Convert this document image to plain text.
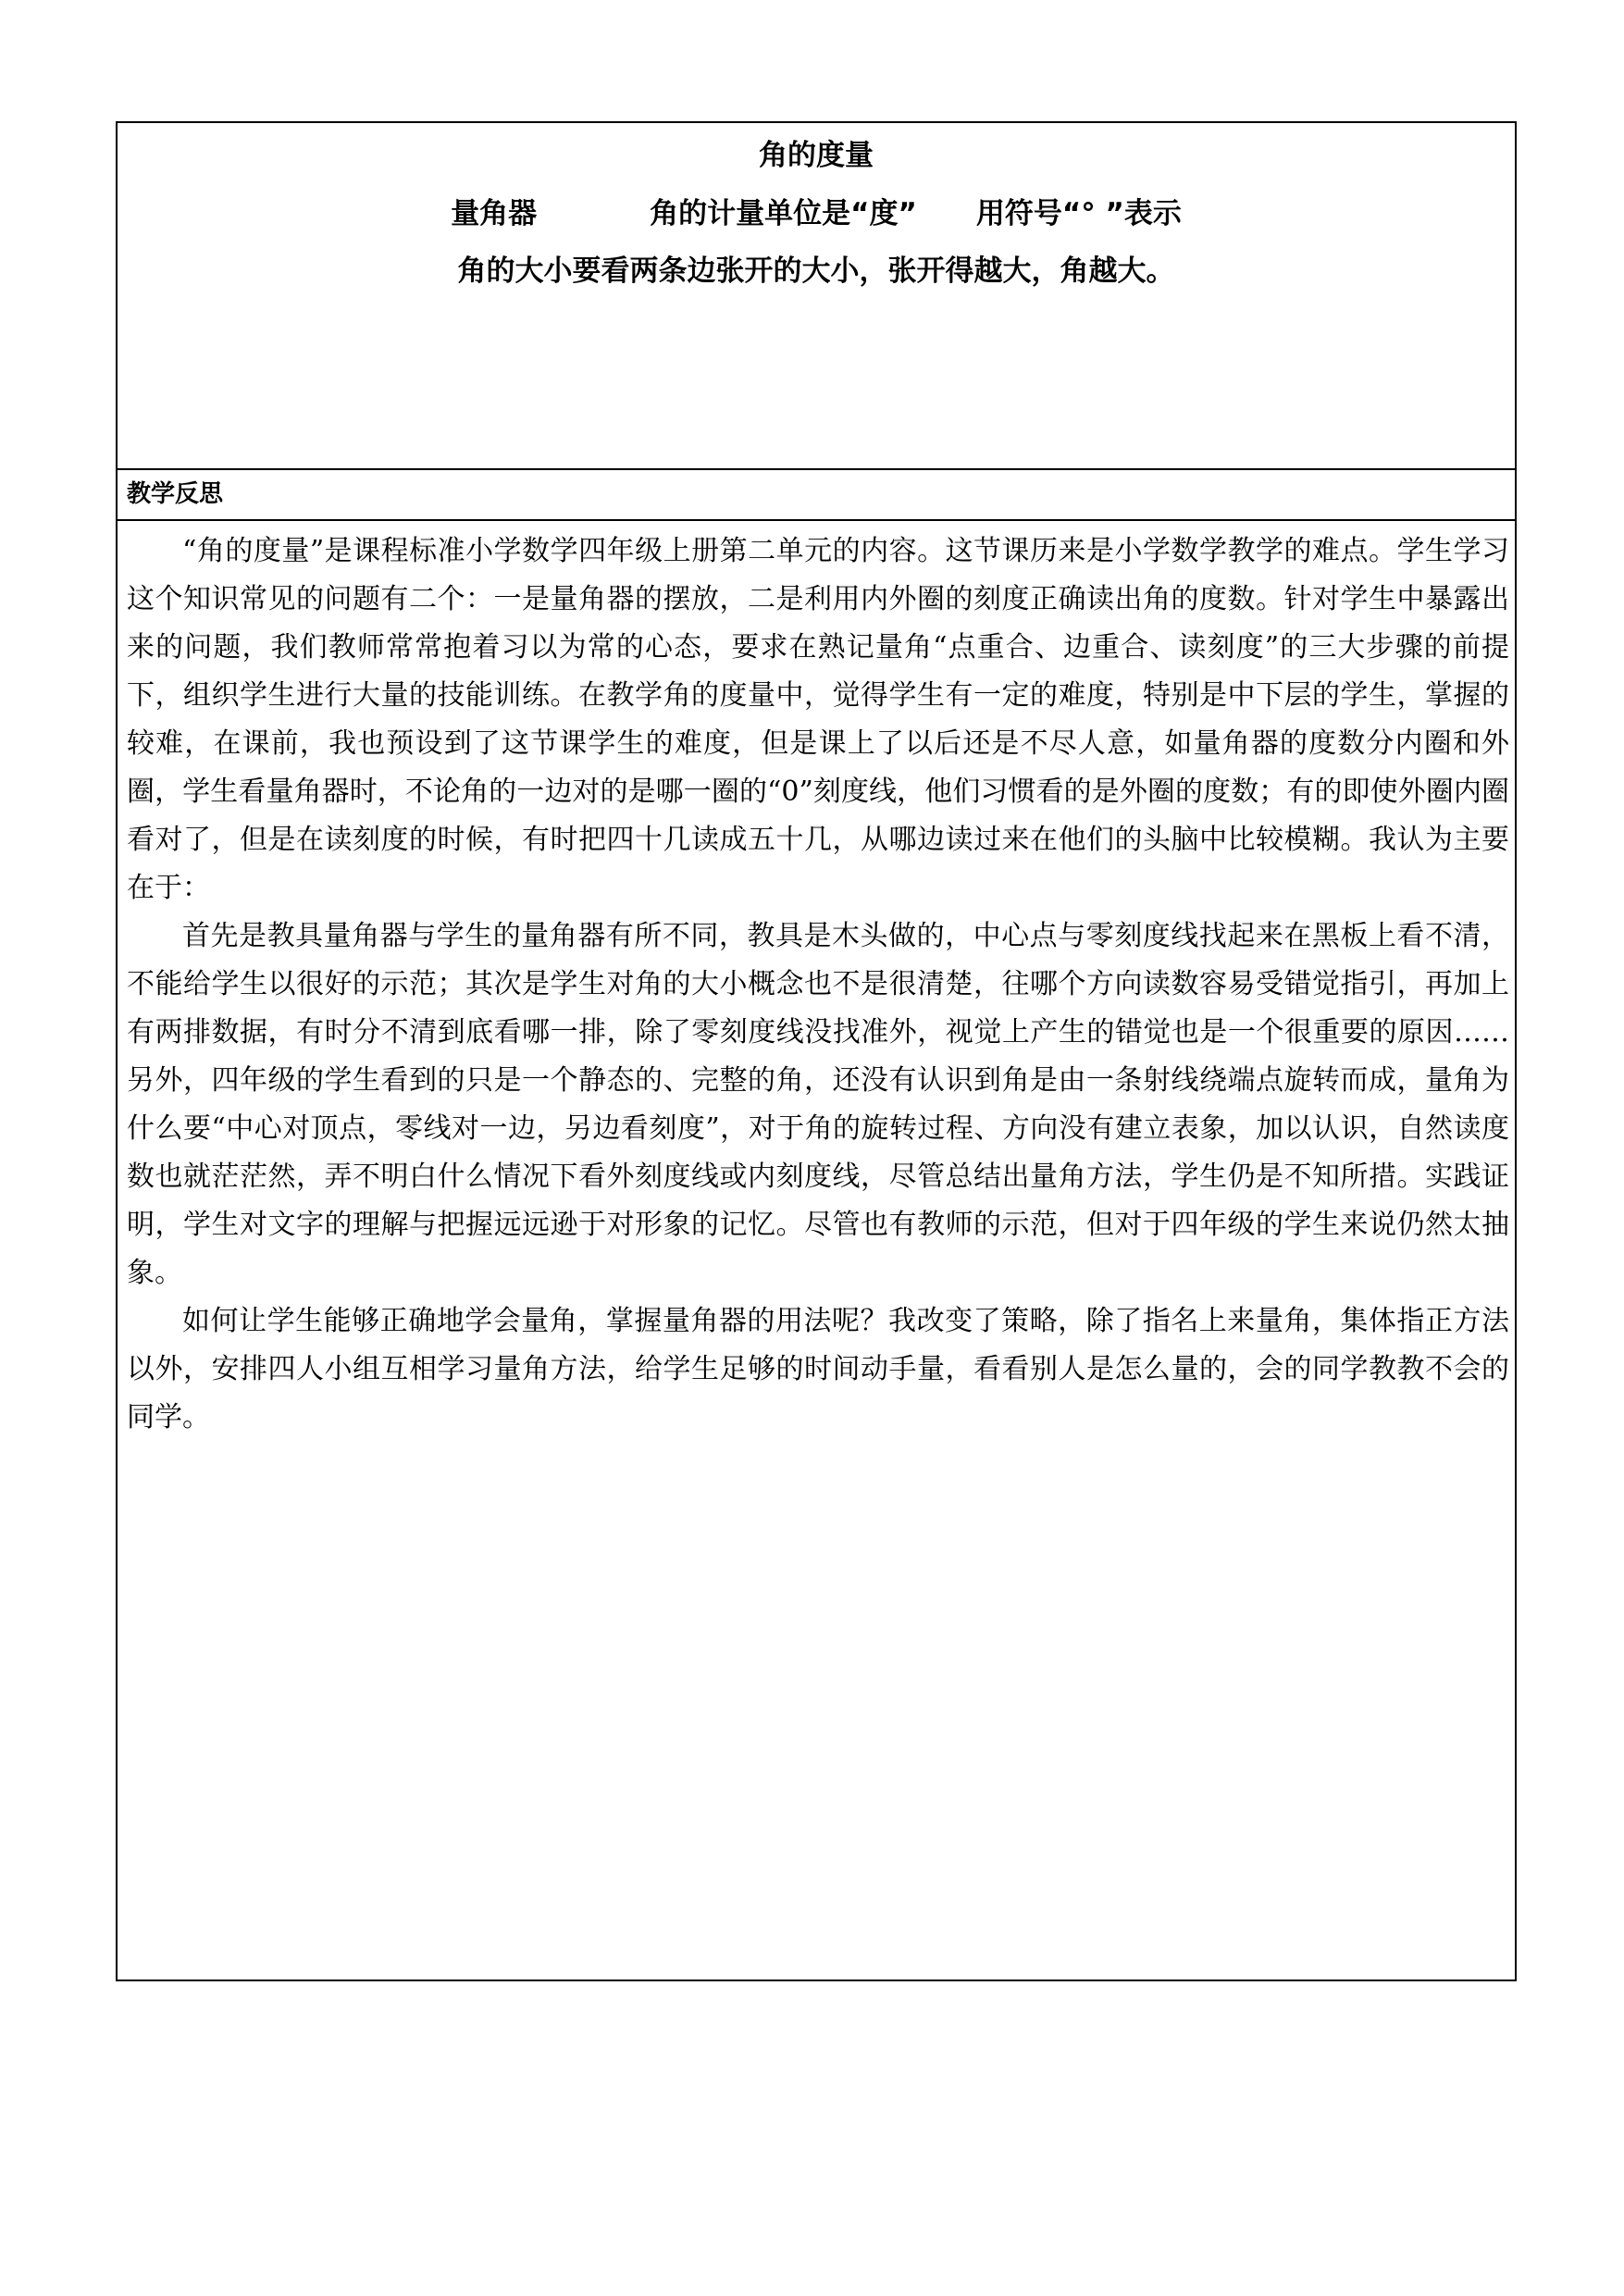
角的度量
量角器	角的计量单位是“度” 用符号“° ”表示
角的大小要看两条边张开的大小，张开得越大，角越大。
教学反思

“角的度量”是课程标准小学数学四年级上册第二单元的内容。这节课历来是小学数学教学的难点。学生学习这个知识常见的问题有二个：一是量角器的摆放，二是利用内外圈的刻度正确读出角的度数。针对学生中暴露出来的问题，我们教师常常抱着习以为常的心态，要求在熟记量角“点重合、边重合、读刻度”的三大步骤的前提下，组织学生进行大量的技能训练。在教学角的度量中，觉得学生有一定的难度，特别是中下层的学生，掌握的较难，在课前，我也预设到了这节课学生的难度，但是课上了以后还是不尽人意，如量角器的度数分内圈和外圈，学生看量角器时，不论角的一边对的是哪一圈的“0”刻度线，他们习惯看的是外圈的度数；有的即使外圈内圈看对了，但是在读刻度的时候，有时把四十几读成五十几，从哪边读过来在他们的头脑中比较模糊。我认为主要在于：

首先是教具量角器与学生的量角器有所不同，教具是木头做的，中心点与零刻度线找起来在黑板上看不清，不能给学生以很好的示范；其次是学生对角的大小概念也不是很清楚，往哪个方向读数容易受错觉指引，再加上有两排数据，有时分不清到底看哪一排，除了零刻度线没找准外，视觉上产生的错觉也是一个很重要的原因……另外，四年级的学生看到的只是一个静态的、完整的角，还没有认识到角是由一条射线绕端点旋转而成，量角为什么要“中心对顶点，零线对一边，另边看刻度”，对于角的旋转过程、方向没有建立表象，加以认识，自然读度数也就茫茫然，弄不明白什么情况下看外刻度线或内刻度线，尽管总结出量角方法，学生仍是不知所措。实践证明，学生对文字的理解与把握远远逊于对形象的记忆。尽管也有教师的示范，但对于四年级的学生来说仍然太抽象。

如何让学生能够正确地学会量角，掌握量角器的用法呢？我改变了策略，除了指名上来量角，集体指正方法以外，安排四人小组互相学习量角方法，给学生足够的时间动手量，看看别人是怎么量的，会的同学教教不会的同学。
